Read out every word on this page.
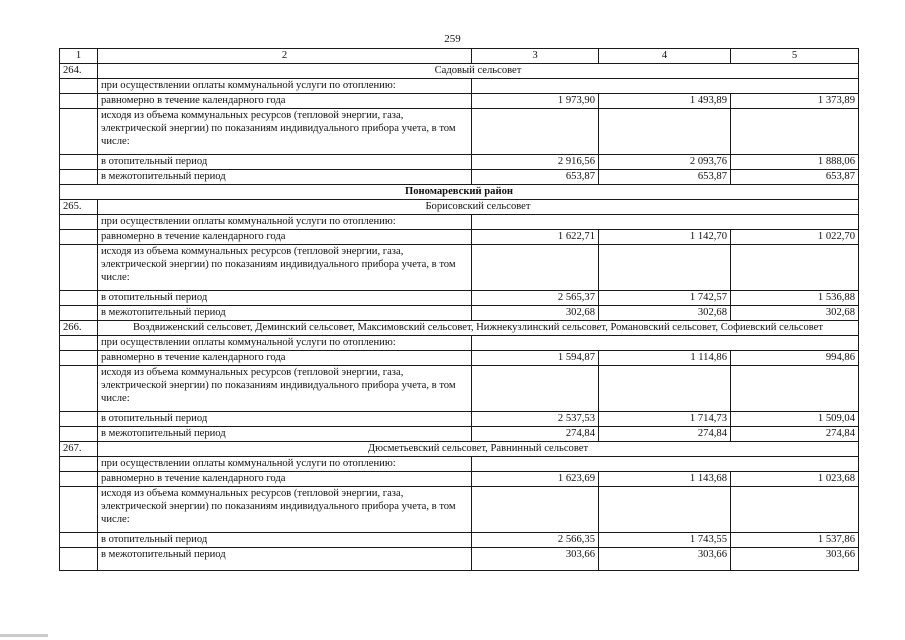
259
1	2	3	4	5
264.	Садовый сельсовет			
	при осуществлении оплаты коммунальной услуги по отоплению:			
	равномерно в течение календарного года	1 973,90	1 493,89	1 373,89
	исходя из объема коммунальных ресурсов (тепловой энергии, газа, электрической энергии) по показаниям индивидуального прибора учета, в том числе:			
	в отопительный период	2 916,56	2 093,76	1 888,06
	в межотопительный период	653,87	653,87	653,87
Пономаревский район				
265.	Борисовский сельсовет			
	при осуществлении оплаты коммунальной услуги по отоплению:			
	равномерно в течение календарного года	1 622,71	1 142,70	1 022,70
	исходя из объема коммунальных ресурсов (тепловой энергии, газа, электрической энергии) по показаниям индивидуального прибора учета, в том числе:			
	в отопительный период	2 565,37	1 742,57	1 536,88
	в межотопительный период	302,68	302,68	302,68
266.	Воздвиженский сельсовет, Деминский сельсовет, Максимовский сельсовет, Нижнекузлинский сельсовет, Романовский сельсовет, Софиевский сельсовет			
	при осуществлении оплаты коммунальной услуги по отоплению:			
	равномерно в течение календарного года	1 594,87	1 114,86	994,86
	исходя из объема коммунальных ресурсов (тепловой энергии, газа, электрической энергии) по показаниям индивидуального прибора учета, в том числе:			
	в отопительный период	2 537,53	1 714,73	1 509,04
	в межотопительный период	274,84	274,84	274,84
267.	Дюсметьевский сельсовет, Равнинный сельсовет			
	при осуществлении оплаты коммунальной услуги по отоплению:			
	равномерно в течение календарного года	1 623,69	1 143,68	1 023,68
	исходя из объема коммунальных ресурсов (тепловой энергии, газа, электрической энергии) по показаниям индивидуального прибора учета, в том числе:			
	в отопительный период	2 566,35	1 743,55	1 537,86
	в межотопительный период	303,66	303,66	303,66
